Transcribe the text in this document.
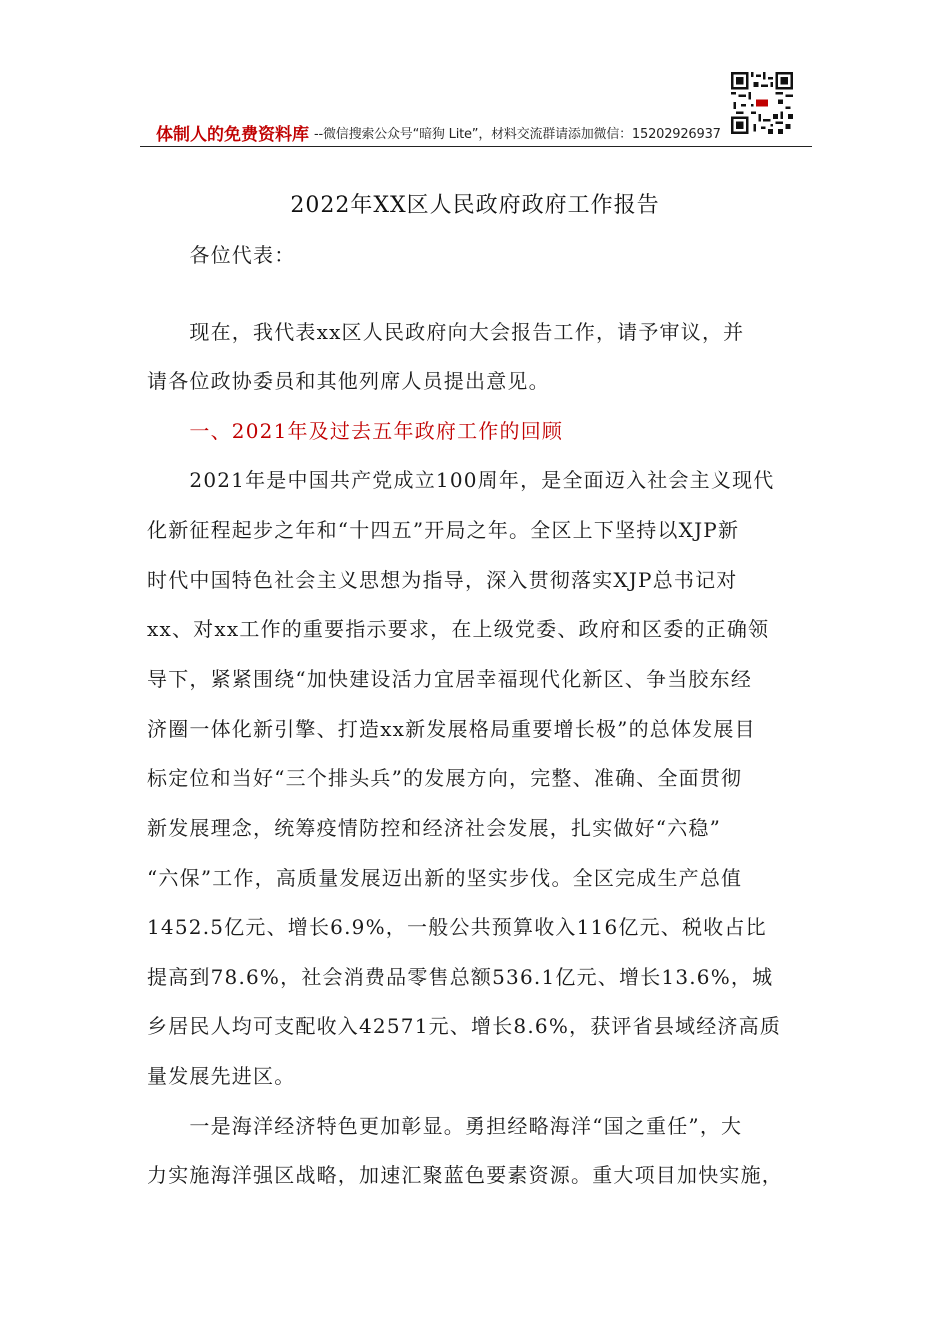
体制人的免费资料库 --微信搜索公众号“暗狗 Lite”，材料交流群请添加微信：15202926937
2022年XX区人民政府政府工作报告
　　各位代表：
　　现在，我代表xx区人民政府向大会报告工作，请予审议，并
请各位政协委员和其他列席人员提出意见。
　　一、2021年及过去五年政府工作的回顾
　　2021年是中国共产党成立100周年，是全面迈入社会主义现代
化新征程起步之年和“十四五”开局之年。全区上下坚持以XJP新
时代中国特色社会主义思想为指导，深入贯彻落实XJP总书记对
xx、对xx工作的重要指示要求，在上级党委、政府和区委的正确领
导下，紧紧围绕“加快建设活力宜居幸福现代化新区、争当胶东经
济圈一体化新引擎、打造xx新发展格局重要增长极”的总体发展目
标定位和当好“三个排头兵”的发展方向，完整、准确、全面贯彻
新发展理念，统筹疫情防控和经济社会发展，扎实做好“六稳”
“六保”工作，高质量发展迈出新的坚实步伐。全区完成生产总值
1452.5亿元、增长6.9%，一般公共预算收入116亿元、税收占比
提高到78.6%，社会消费品零售总额536.1亿元、增长13.6%，城
乡居民人均可支配收入42571元、增长8.6%，获评省县域经济高质
量发展先进区。
　　一是海洋经济特色更加彰显。勇担经略海洋“国之重任”，大
力实施海洋强区战略，加速汇聚蓝色要素资源。重大项目加快实施，
